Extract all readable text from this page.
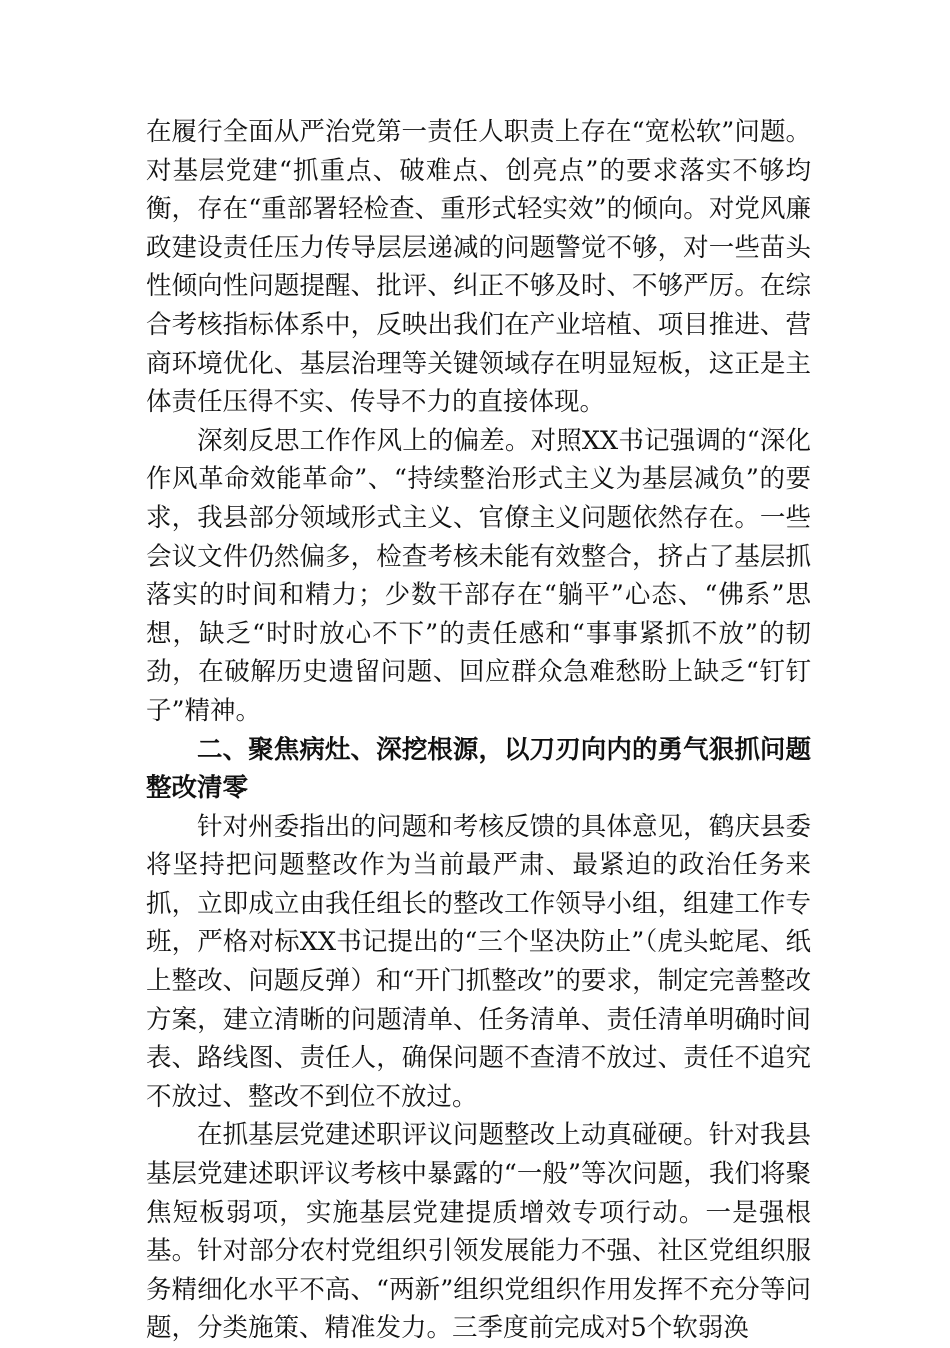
在履行全面从严治党第一责任人职责上存在“宽松软”问题。对基层党建“抓重点、破难点、创亮点”的要求落实不够均衡，存在“重部署轻检查、重形式轻实效”的倾向。对党风廉政建设责任压力传导层层递减的问题警觉不够，对一些苗头性倾向性问题提醒、批评、纠正不够及时、不够严厉。在综合考核指标体系中，反映出我们在产业培植、项目推进、营商环境优化、基层治理等关键领域存在明显短板，这正是主体责任压得不实、传导不力的直接体现。

深刻反思工作作风上的偏差。对照XX书记强调的“深化作风革命效能革命”、“持续整治形式主义为基层减负”的要求，我县部分领域形式主义、官僚主义问题依然存在。一些会议文件仍然偏多，检查考核未能有效整合，挤占了基层抓落实的时间和精力；少数干部存在“躺平”心态、“佛系”思想，缺乏“时时放心不下”的责任感和“事事紧抓不放”的韧劲，在破解历史遗留问题、回应群众急难愁盼上缺乏“钉钉子”精神。

二、聚焦病灶、深挖根源，以刀刃向内的勇气狠抓问题整改清零

针对州委指出的问题和考核反馈的具体意见，鹤庆县委将坚持把问题整改作为当前最严肃、最紧迫的政治任务来抓，立即成立由我任组长的整改工作领导小组，组建工作专班，严格对标XX书记提出的“三个坚决防止”（虎头蛇尾、纸上整改、问题反弹）和“开门抓整改”的要求，制定完善整改方案，建立清晰的问题清单、任务清单、责任清单明确时间表、路线图、责任人，确保问题不查清不放过、责任不追究不放过、整改不到位不放过。

在抓基层党建述职评议问题整改上动真碰硬。针对我县基层党建述职评议考核中暴露的“一般”等次问题，我们将聚焦短板弱项，实施基层党建提质增效专项行动。一是强根基。针对部分农村党组织引领发展能力不强、社区党组织服务精细化水平不高、“两新”组织党组织作用发挥不充分等问题，分类施策、精准发力。三季度前完成对5个软弱涣
